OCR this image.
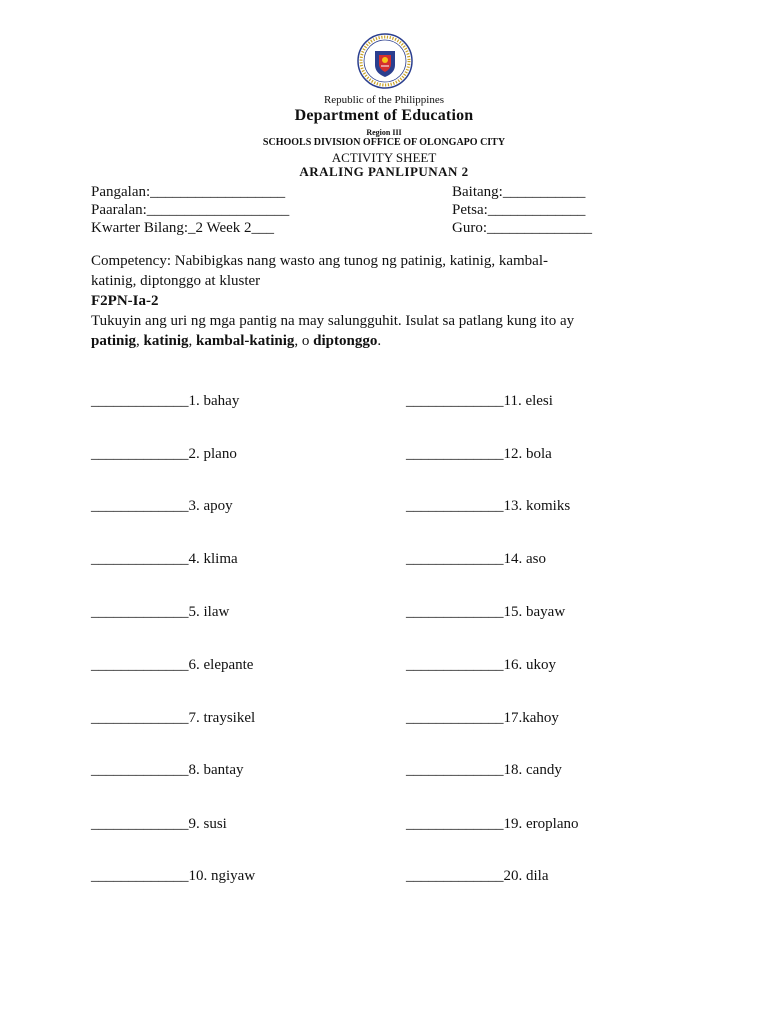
Republic of the Philippines
Department of Education
Region III
SCHOOLS DIVISION OFFICE OF OLONGAPO CITY
ACTIVITY SHEET
ARALING PANLIPUNAN 2
Pangalan:__________________
Paaralan:___________________
Kwarter Bilang:_2 Week 2___
Baitang:___________
Petsa:_____________
Guro:______________
Competency: Nabibigkas nang wasto ang tunog ng patinig, katinig, kambal-
katinig, diptonggo at kluster
F2PN-Ia-2
Tukuyin ang uri ng mga pantig na may salungguhit. Isulat sa patlang kung ito ay
patinig, katinig, kambal-katinig, o diptonggo.
_____________1. bahay
_____________2. plano
_____________3. apoy
_____________4. klima
_____________5. ilaw
_____________6. elepante
_____________7. traysikel
_____________8. bantay
_____________9. susi
_____________10. ngiyaw
_____________11. elesi
_____________12. bola
_____________13. komiks
_____________14. aso
_____________15. bayaw
_____________16. ukoy
_____________17.kahoy
_____________18. candy
_____________19. eroplano
_____________20. dila
